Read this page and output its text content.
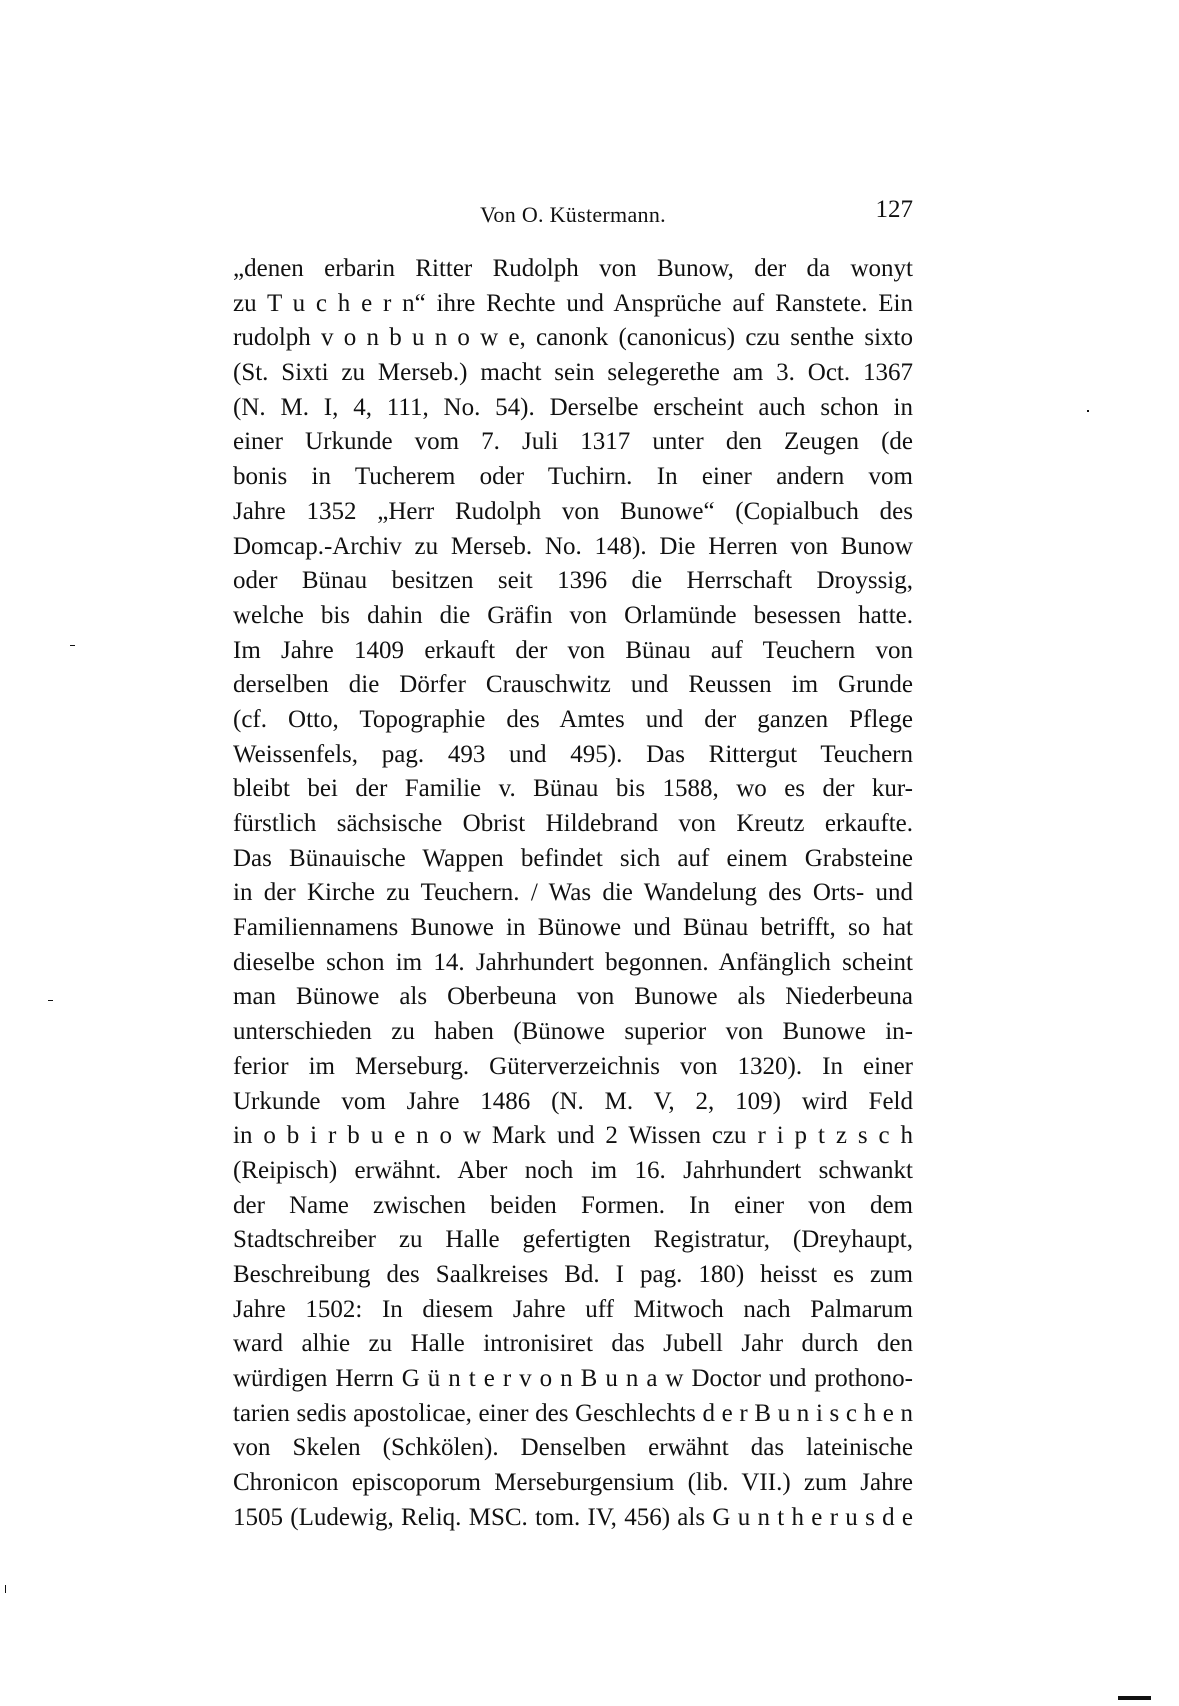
Von O. Küstermann.	127
„denen erbarin Ritter Rudolph von Bunow, der da wonyt
zu T u c h e r n“ ihre Rechte und Ansprüche auf Ranstete. Ein
rudolph v o n b u n o w e, canonk (canonicus) czu senthe sixto
(St. Sixti zu Merseb.) macht sein selegerethe am 3. Oct. 1367
(N. M. I, 4, 111, No. 54). Derselbe erscheint auch schon in
einer Urkunde vom 7. Juli 1317 unter den Zeugen (de
bonis in Tucherem oder Tuchirn. In einer andern vom
Jahre 1352 „Herr Rudolph von Bunowe“ (Copialbuch des
Domcap.-Archiv zu Merseb. No. 148). Die Herren von Bunow
oder Bünau besitzen seit 1396 die Herrschaft Droyssig,
welche bis dahin die Gräfin von Orlamünde besessen hatte.
Im Jahre 1409 erkauft der von Bünau auf Teuchern von
derselben die Dörfer Crauschwitz und Reussen im Grunde
(cf. Otto, Topographie des Amtes und der ganzen Pflege
Weissenfels, pag. 493 und 495). Das Rittergut Teuchern
bleibt bei der Familie v. Bünau bis 1588, wo es der kur-
fürstlich sächsische Obrist Hildebrand von Kreutz erkaufte.
Das Bünauische Wappen befindet sich auf einem Grabsteine
in der Kirche zu Teuchern. / Was die Wandelung des Orts- und
Familiennamens Bunowe in Bünowe und Bünau betrifft, so hat
dieselbe schon im 14. Jahrhundert begonnen. Anfänglich scheint
man Bünowe als Oberbeuna von Bunowe als Niederbeuna
unterschieden zu haben (Bünowe superior von Bunowe in-
ferior im Merseburg. Güterverzeichnis von 1320). In einer
Urkunde vom Jahre 1486 (N. M. V, 2, 109) wird Feld
in o b i r b u e n o w Mark und 2 Wissen czu r i p t z s c h
(Reipisch) erwähnt. Aber noch im 16. Jahrhundert schwankt
der Name zwischen beiden Formen. In einer von dem
Stadtschreiber zu Halle gefertigten Registratur, (Dreyhaupt,
Beschreibung des Saalkreises Bd. I pag. 180) heisst es zum
Jahre 1502: In diesem Jahre uff Mitwoch nach Palmarum
ward alhie zu Halle intronisiret das Jubell Jahr durch den
würdigen Herrn G ü n t e r v o n B u n a w Doctor und prothono-
tarien sedis apostolicae, einer des Geschlechts d e r B u n i s c h e n
von Skelen (Schkölen). Denselben erwähnt das lateinische
Chronicon episcoporum Merseburgensium (lib. VII.) zum Jahre
1505 (Ludewig, Reliq. MSC. tom. IV, 456) als G u n t h e r u s d e
